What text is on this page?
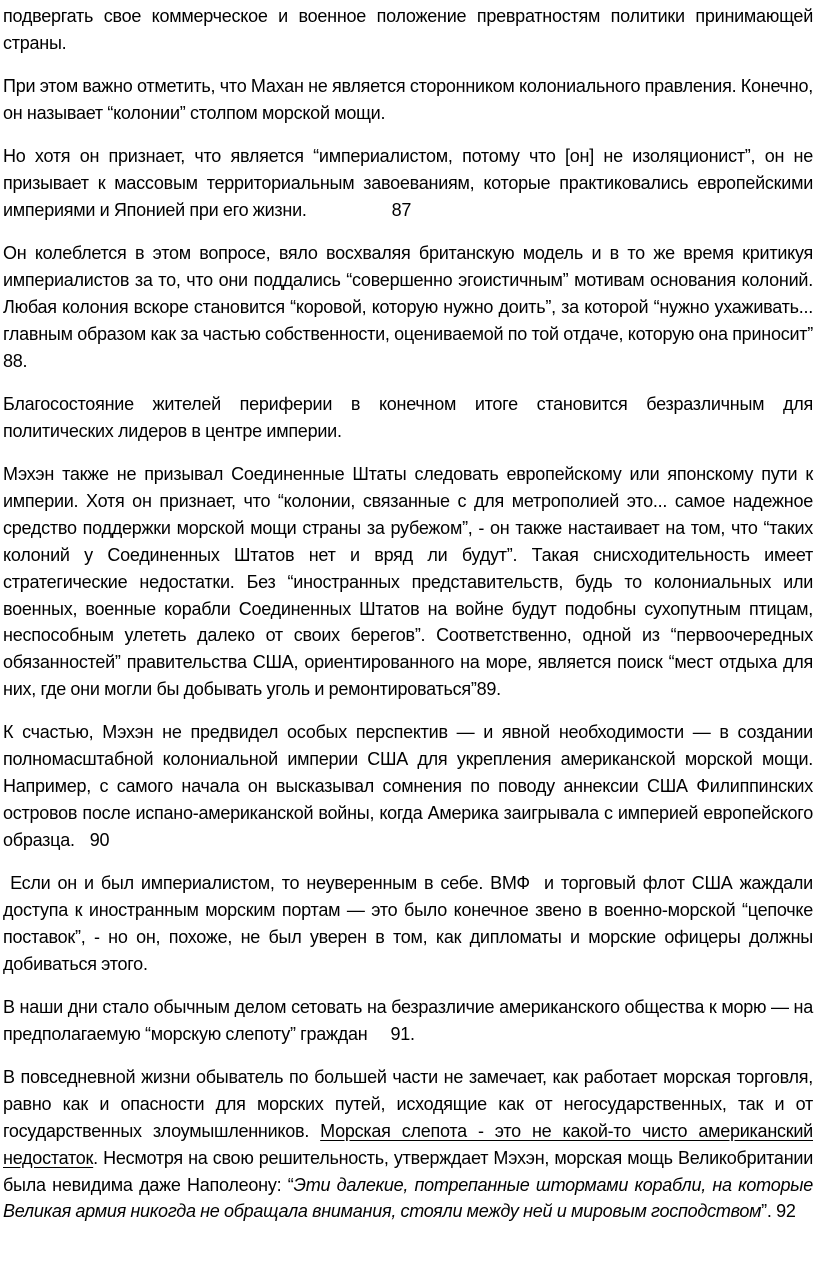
подвергать свое коммерческое и военное положение превратностям политики принимающей страны.

При этом важно отметить, что Махан не является сторонником колониального правления. Конечно, он называет “колонии” столпом морской мощи.

Но хотя он признает, что является “империалистом, потому что [он] не изоляционист”, он не призывает к массовым территориальным завоеваниям, которые практиковались европейскими империями и Японией при его жизни.	87

Он колеблется в этом вопросе, вяло восхваляя британскую модель и в то же время критикуя империалистов за то, что они поддались “совершенно эгоистичным” мотивам основания колоний. Любая колония вскоре становится “коровой, которую нужно доить”, за которой “нужно ухаживать... главным образом как за частью собственности, оцениваемой по той отдаче, которую она приносит” 88.

Благосостояние жителей периферии в конечном итоге становится безразличным для политических лидеров в центре империи.

Мэхэн также не призывал Соединенные Штаты следовать европейскому или японскому пути к империи. Хотя он признает, что “колонии, связанные с для метрополией это... самое надежное средство поддержки морской мощи страны за рубежом”, - он также настаивает на том, что “таких колоний у Соединенных Штатов нет и вряд ли будут”. Такая снисходительность имеет стратегические недостатки. Без “иностранных представительств, будь то колониальных или военных, военные корабли Соединенных Штатов на войне будут подобны сухопутным птицам, неспособным улететь далеко от своих берегов”. Соответственно, одной из “первоочередных обязанностей” правительства США, ориентированного на море, является поиск “мест отдыха для них, где они могли бы добывать уголь и ремонтироваться”89.

К счастью, Мэхэн не предвидел особых перспектив — и явной необходимости — в создании полномасштабной колониальной империи США для укрепления американской морской мощи. Например, с самого начала он высказывал сомнения по поводу аннексии США Филиппинских островов после испано-американской войны, когда Америка заигрывала с империей европейского образца. 90

Если он и был империалистом, то неуверенным в себе. ВМФ  и торговый флот США жаждали доступа к иностранным морским портам — это было конечное звено в военно-морской “цепочке поставок”, - но он, похоже, не был уверен в том, как дипломаты и морские офицеры должны добиваться этого.

В наши дни стало обычным делом сетовать на безразличие американского общества к морю — на предполагаемую “морскую слепоту” граждан 91.

В повседневной жизни обыватель по большей части не замечает, как работает морская торговля, равно как и опасности для морских путей, исходящие как от негосударственных, так и от государственных злоумышленников. Морская слепота - это не какой-то чисто американский недостаток. Несмотря на свою решительность, утверждает Мэхэн, морская мощь Великобритании была невидима даже Наполеону: “Эти далекие, потрепанные штормами корабли, на которые Великая армия никогда не обращала внимания, стояли между ней и мировым господством”. 92
